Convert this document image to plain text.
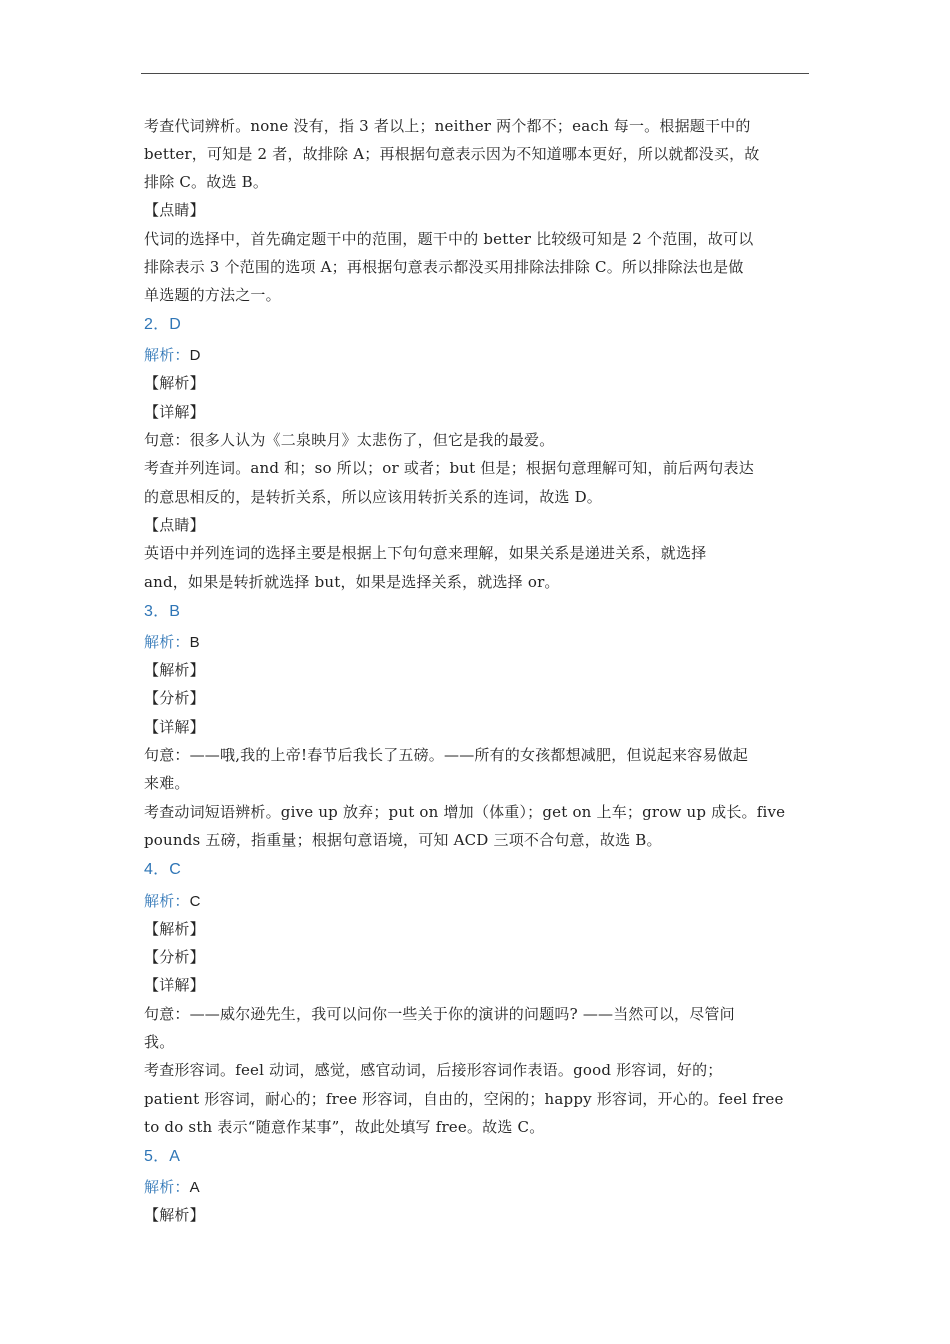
考查代词辨析。none 没有，指 3 者以上；neither 两个都不；each 每一。根据题干中的
better，可知是 2 者，故排除 A；再根据句意表示因为不知道哪本更好，所以就都没买，故
排除 C。故选 B。
【点睛】
代词的选择中，首先确定题干中的范围，题干中的 better 比较级可知是 2 个范围，故可以
排除表示 3 个范围的选项 A；再根据句意表示都没买用排除法排除 C。所以排除法也是做
单选题的方法之一。
2．D
解析：D
【解析】
【详解】
句意：很多人认为《二泉映月》太悲伤了，但它是我的最爱。
考查并列连词。and 和；so 所以；or 或者；but 但是；根据句意理解可知，前后两句表达
的意思相反的，是转折关系，所以应该用转折关系的连词，故选 D。
【点睛】
英语中并列连词的选择主要是根据上下句句意来理解，如果关系是递进关系，就选择
and，如果是转折就选择 but，如果是选择关系，就选择 or。
3．B
解析：B
【解析】
【分析】
【详解】
句意：——哦,我的上帝!春节后我长了五磅。——所有的女孩都想减肥，但说起来容易做起
来难。
考查动词短语辨析。give up 放弃；put on 增加（体重）；get on 上车；grow up 成长。five
pounds 五磅，指重量；根据句意语境，可知 ACD 三项不合句意，故选 B。
4．C
解析：C
【解析】
【分析】
【详解】
句意：——威尔逊先生，我可以问你一些关于你的演讲的问题吗? ——当然可以，尽管问
我。
考查形容词。feel 动词，感觉，感官动词，后接形容词作表语。good 形容词，好的；
patient 形容词，耐心的；free 形容词，自由的，空闲的；happy 形容词，开心的。feel free
to do sth 表示“随意作某事”，故此处填写 free。故选 C。
5．A
解析：A
【解析】
